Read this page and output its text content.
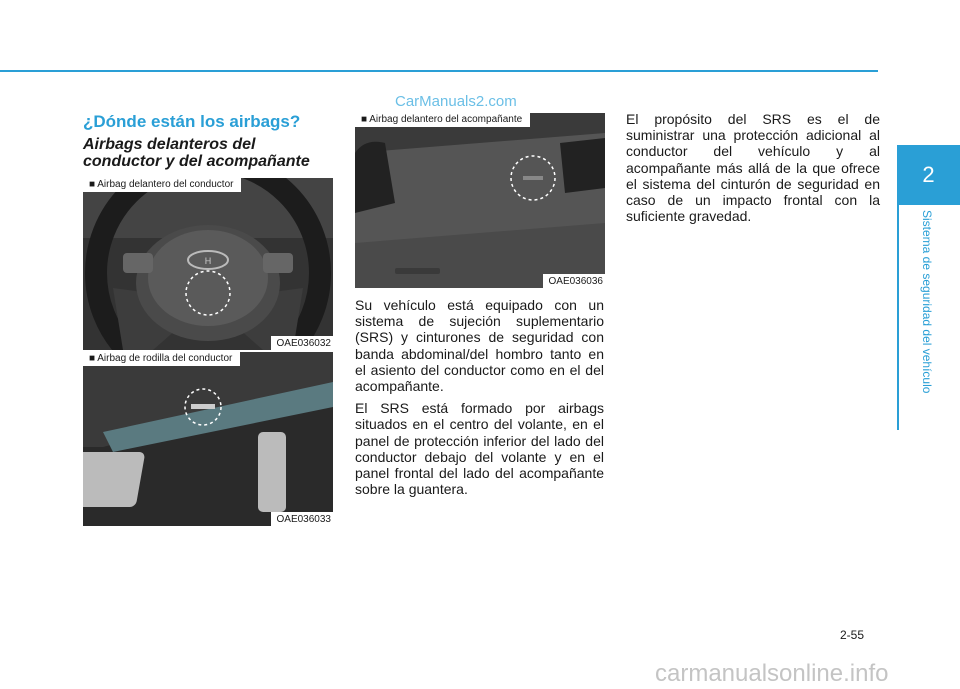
CarManuals2.com
¿Dónde están los airbags?
Airbags delanteros del conductor y del acompañante
H
■ Airbag delantero del conductor
OAE036032
■ Airbag de rodilla del conductor
OAE036033
■ Airbag delantero del acompañante
OAE036036

Su vehículo está equipado con un sistema de sujeción suplementario (SRS) y cinturones de seguridad con banda abdominal/del hombro tanto en el asiento del conductor como en el del acompañante.

El SRS está formado por airbags situados en el centro del volante, en el panel de protección inferior del lado del conductor debajo del volante y en el panel frontal del lado del acompañante sobre la guantera.

El propósito del SRS es el de suministrar una protección adicional al conductor del vehículo y al acompañante más allá de la que ofrece el sistema del cinturón de seguridad en caso de un impacto frontal con la suficiente gravedad.

2
Sistema de seguridad del vehículo
2-55
carmanualsonline.info
